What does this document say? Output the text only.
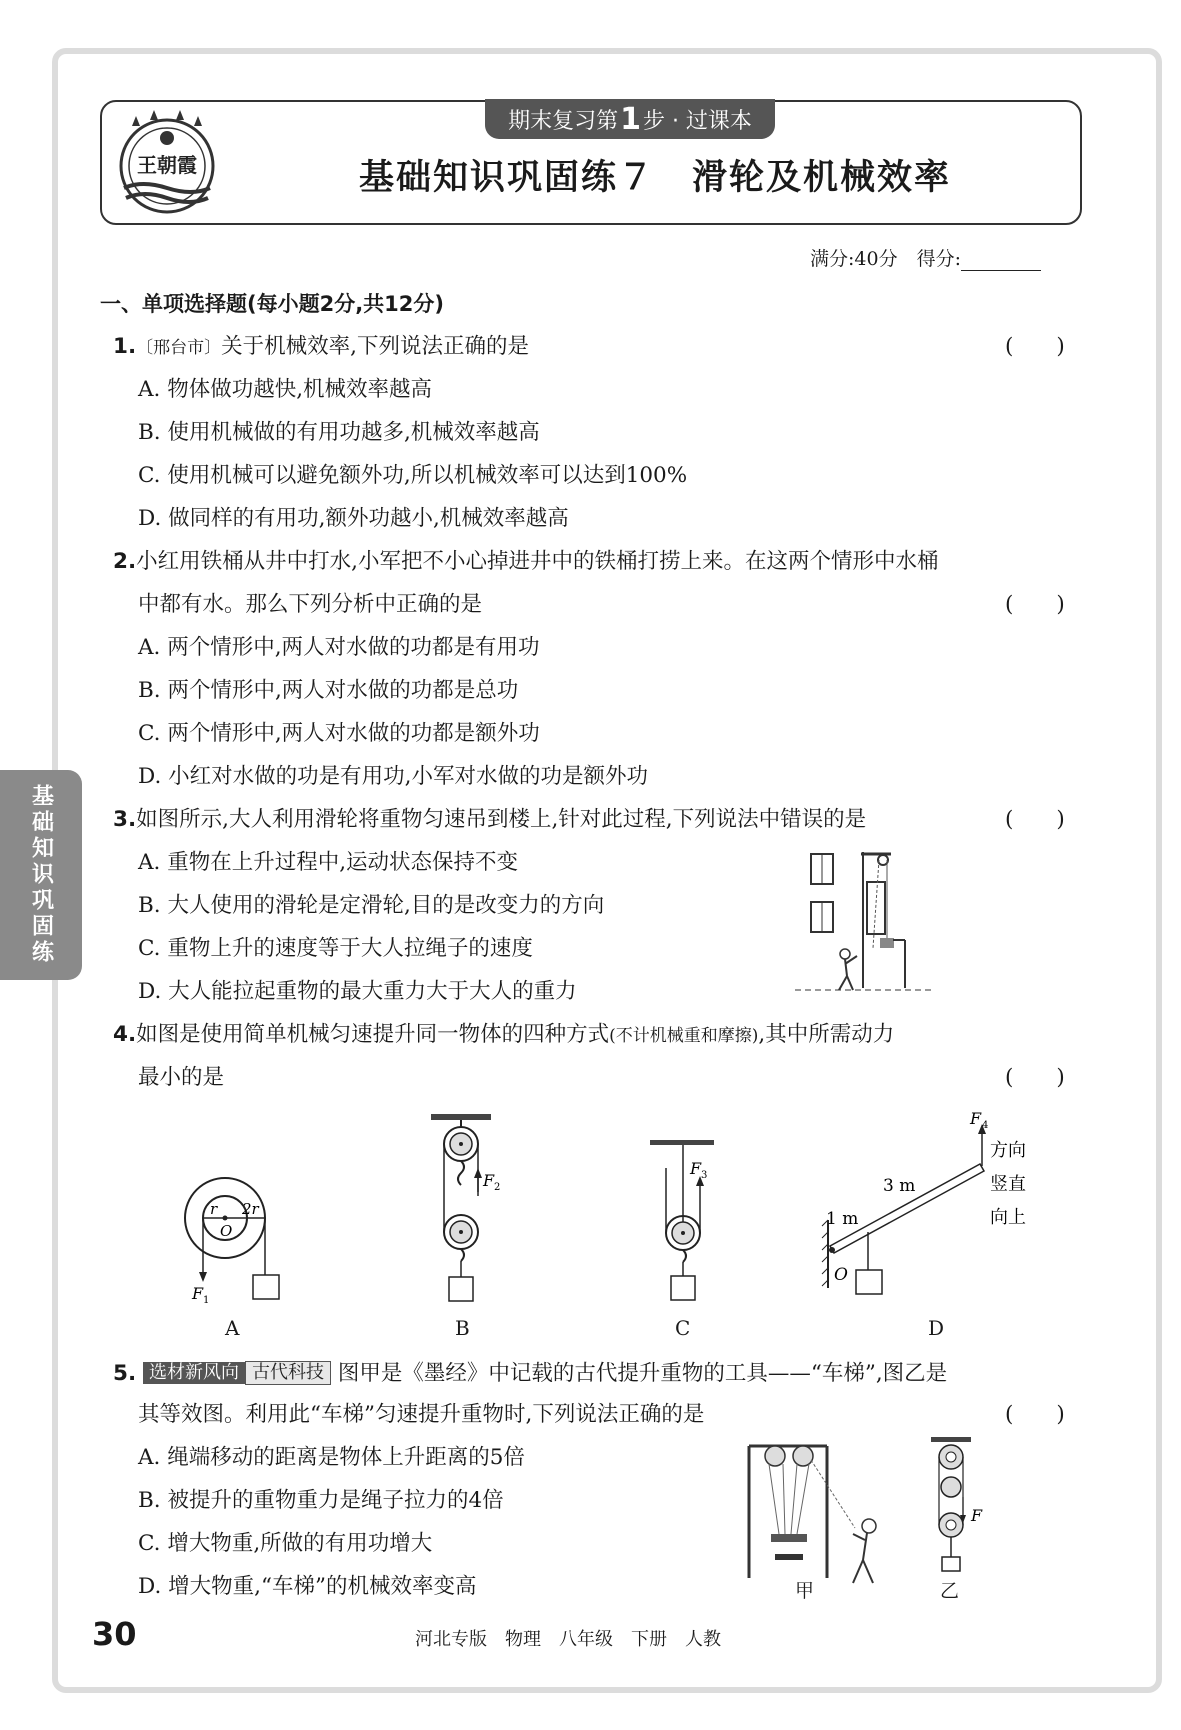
期末复习第 1 步 · 过课本
王朝霞	基础知识巩固练７　滑轮及机械效率
满分:40分　得分:
基础知识巩固练
一、单项选择题(每小题2分,共12分)
1.〔邢台市〕关于机械效率,下列说法正确的是	(　　)
A. 物体做功越快,机械效率越高
B. 使用机械做的有用功越多,机械效率越高
C. 使用机械可以避免额外功,所以机械效率可以达到100%
D. 做同样的有用功,额外功越小,机械效率越高
2.小红用铁桶从井中打水,小军把不小心掉进井中的铁桶打捞上来。在这两个情形中水桶
中都有水。那么下列分析中正确的是	(　　)
A. 两个情形中,两人对水做的功都是有用功
B. 两个情形中,两人对水做的功都是总功
C. 两个情形中,两人对水做的功都是额外功
D. 小红对水做的功是有用功,小军对水做的功是额外功
3.如图所示,大人利用滑轮将重物匀速吊到楼上,针对此过程,下列说法中错误的是	(　　)
A. 重物在上升过程中,运动状态保持不变
B. 大人使用的滑轮是定滑轮,目的是改变力的方向
C. 重物上升的速度等于大人拉绳子的速度
D. 大人能拉起重物的最大重力大于大人的重力
4.如图是使用简单机械匀速提升同一物体的四种方式(不计机械重和摩擦),其中所需动力
最小的是	(　　)
r 2r
O
F 1
A
F 2
B
F 3
C
O
F 4
3 m
1 m
方向
竖直
向上
D
5. 选材新风向 古代科技 图甲是《墨经》中记载的古代提升重物的工具——“车梯”,图乙是
其等效图。利用此“车梯”匀速提升重物时,下列说法正确的是	(　　)
A. 绳端移动的距离是物体上升距离的5倍
B. 被提升的重物重力是绳子拉力的4倍
C. 增大物重,所做的有用功增大
D. 增大物重,“车梯”的机械效率变高	甲
F
乙
30	河北专版　物理　八年级　下册　人教
